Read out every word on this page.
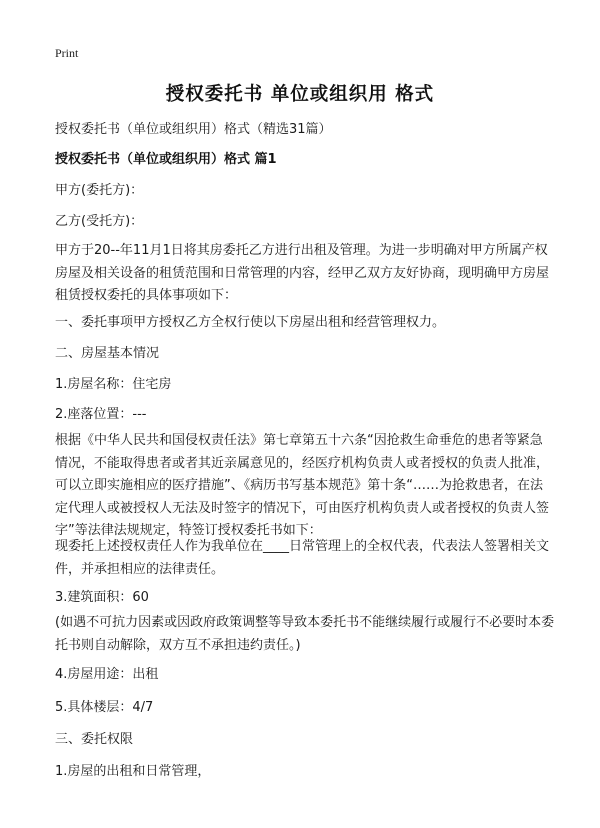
Print
授权委托书 单位或组织用 格式
授权委托书（单位或组织用）格式（精选31篇）
授权委托书（单位或组织用）格式 篇1
甲方(委托方)：
乙方(受托方)：
甲方于20--年11月1日将其房委托乙方进行出租及管理。为进一步明确对甲方所属产权房屋及相关设备的租赁范围和日常管理的内容，经甲乙双方友好协商，现明确甲方房屋租赁授权委托的具体事项如下：
一、委托事项甲方授权乙方全权行使以下房屋出租和经营管理权力。
二、房屋基本情况
1.房屋名称：住宅房
2.座落位置：---
根据《中华人民共和国侵权责任法》第七章第五十六条“因抢救生命垂危的患者等紧急情况，不能取得患者或者其近亲属意见的，经医疗机构负责人或者授权的负责人批准，可以立即实施相应的医疗措施”、《病历书写基本规范》第十条“……为抢救患者，在法定代理人或被授权人无法及时签字的情况下，可由医疗机构负责人或者授权的负责人签字”等法律法规规定，特签订授权委托书如下：
现委托上述授权责任人作为我单位在____日常管理上的全权代表，代表法人签署相关文件，并承担相应的法律责任。
3.建筑面积：60
(如遇不可抗力因素或因政府政策调整等导致本委托书不能继续履行或履行不必要时本委托书则自动解除，双方互不承担违约责任。)
4.房屋用途：出租
5.具体楼层：4/7
三、委托权限
1.房屋的出租和日常管理，
